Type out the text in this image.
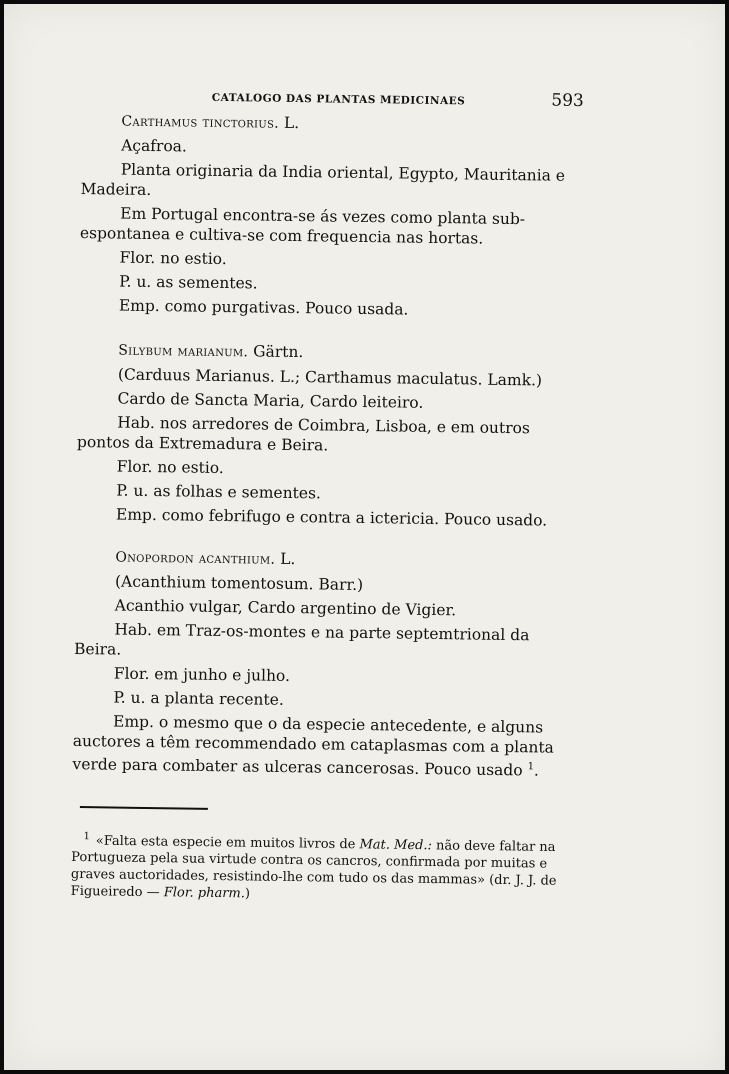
CATALOGO DAS PLANTAS MEDICINAES	593

Carthamus tinctorius. L.

Açafroa.

Planta originaria da India oriental, Egypto, Mauritania e Madeira.

Em Portugal encontra-se ás vezes como planta sub-espontanea e cultiva-se com frequencia nas hortas.

Flor. no estio.

P. u. as sementes.

Emp. como purgativas. Pouco usada.

Silybum marianum. Gärtn.

(Carduus Marianus. L.; Carthamus maculatus. Lamk.)

Cardo de Sancta Maria, Cardo leiteiro.

Hab. nos arredores de Coimbra, Lisboa, e em outros pontos da Extremadura e Beira.

Flor. no estio.

P. u. as folhas e sementes.

Emp. como febrifugo e contra a ictericia. Pouco usado.

Onopordon acanthium. L.

(Acanthium tomentosum. Barr.)

Acanthio vulgar, Cardo argentino de Vigier.

Hab. em Traz-os-montes e na parte septemtrional da Beira.

Flor. em junho e julho.

P. u. a planta recente.

Emp. o mesmo que o da especie antecedente, e alguns auctores a têm recommendado em cataplasmas com a planta verde para combater as ulceras cancerosas. Pouco usado $^1$.

$^1$ «Falta esta especie em muitos livros de Mat. Med.: não deve faltar na Portugueza pela sua virtude contra os cancros, confirmada por muitas e graves auctoridades, resistindo-lhe com tudo os das mammas» (dr. J. J. de Figueiredo — Flor. pharm.)
